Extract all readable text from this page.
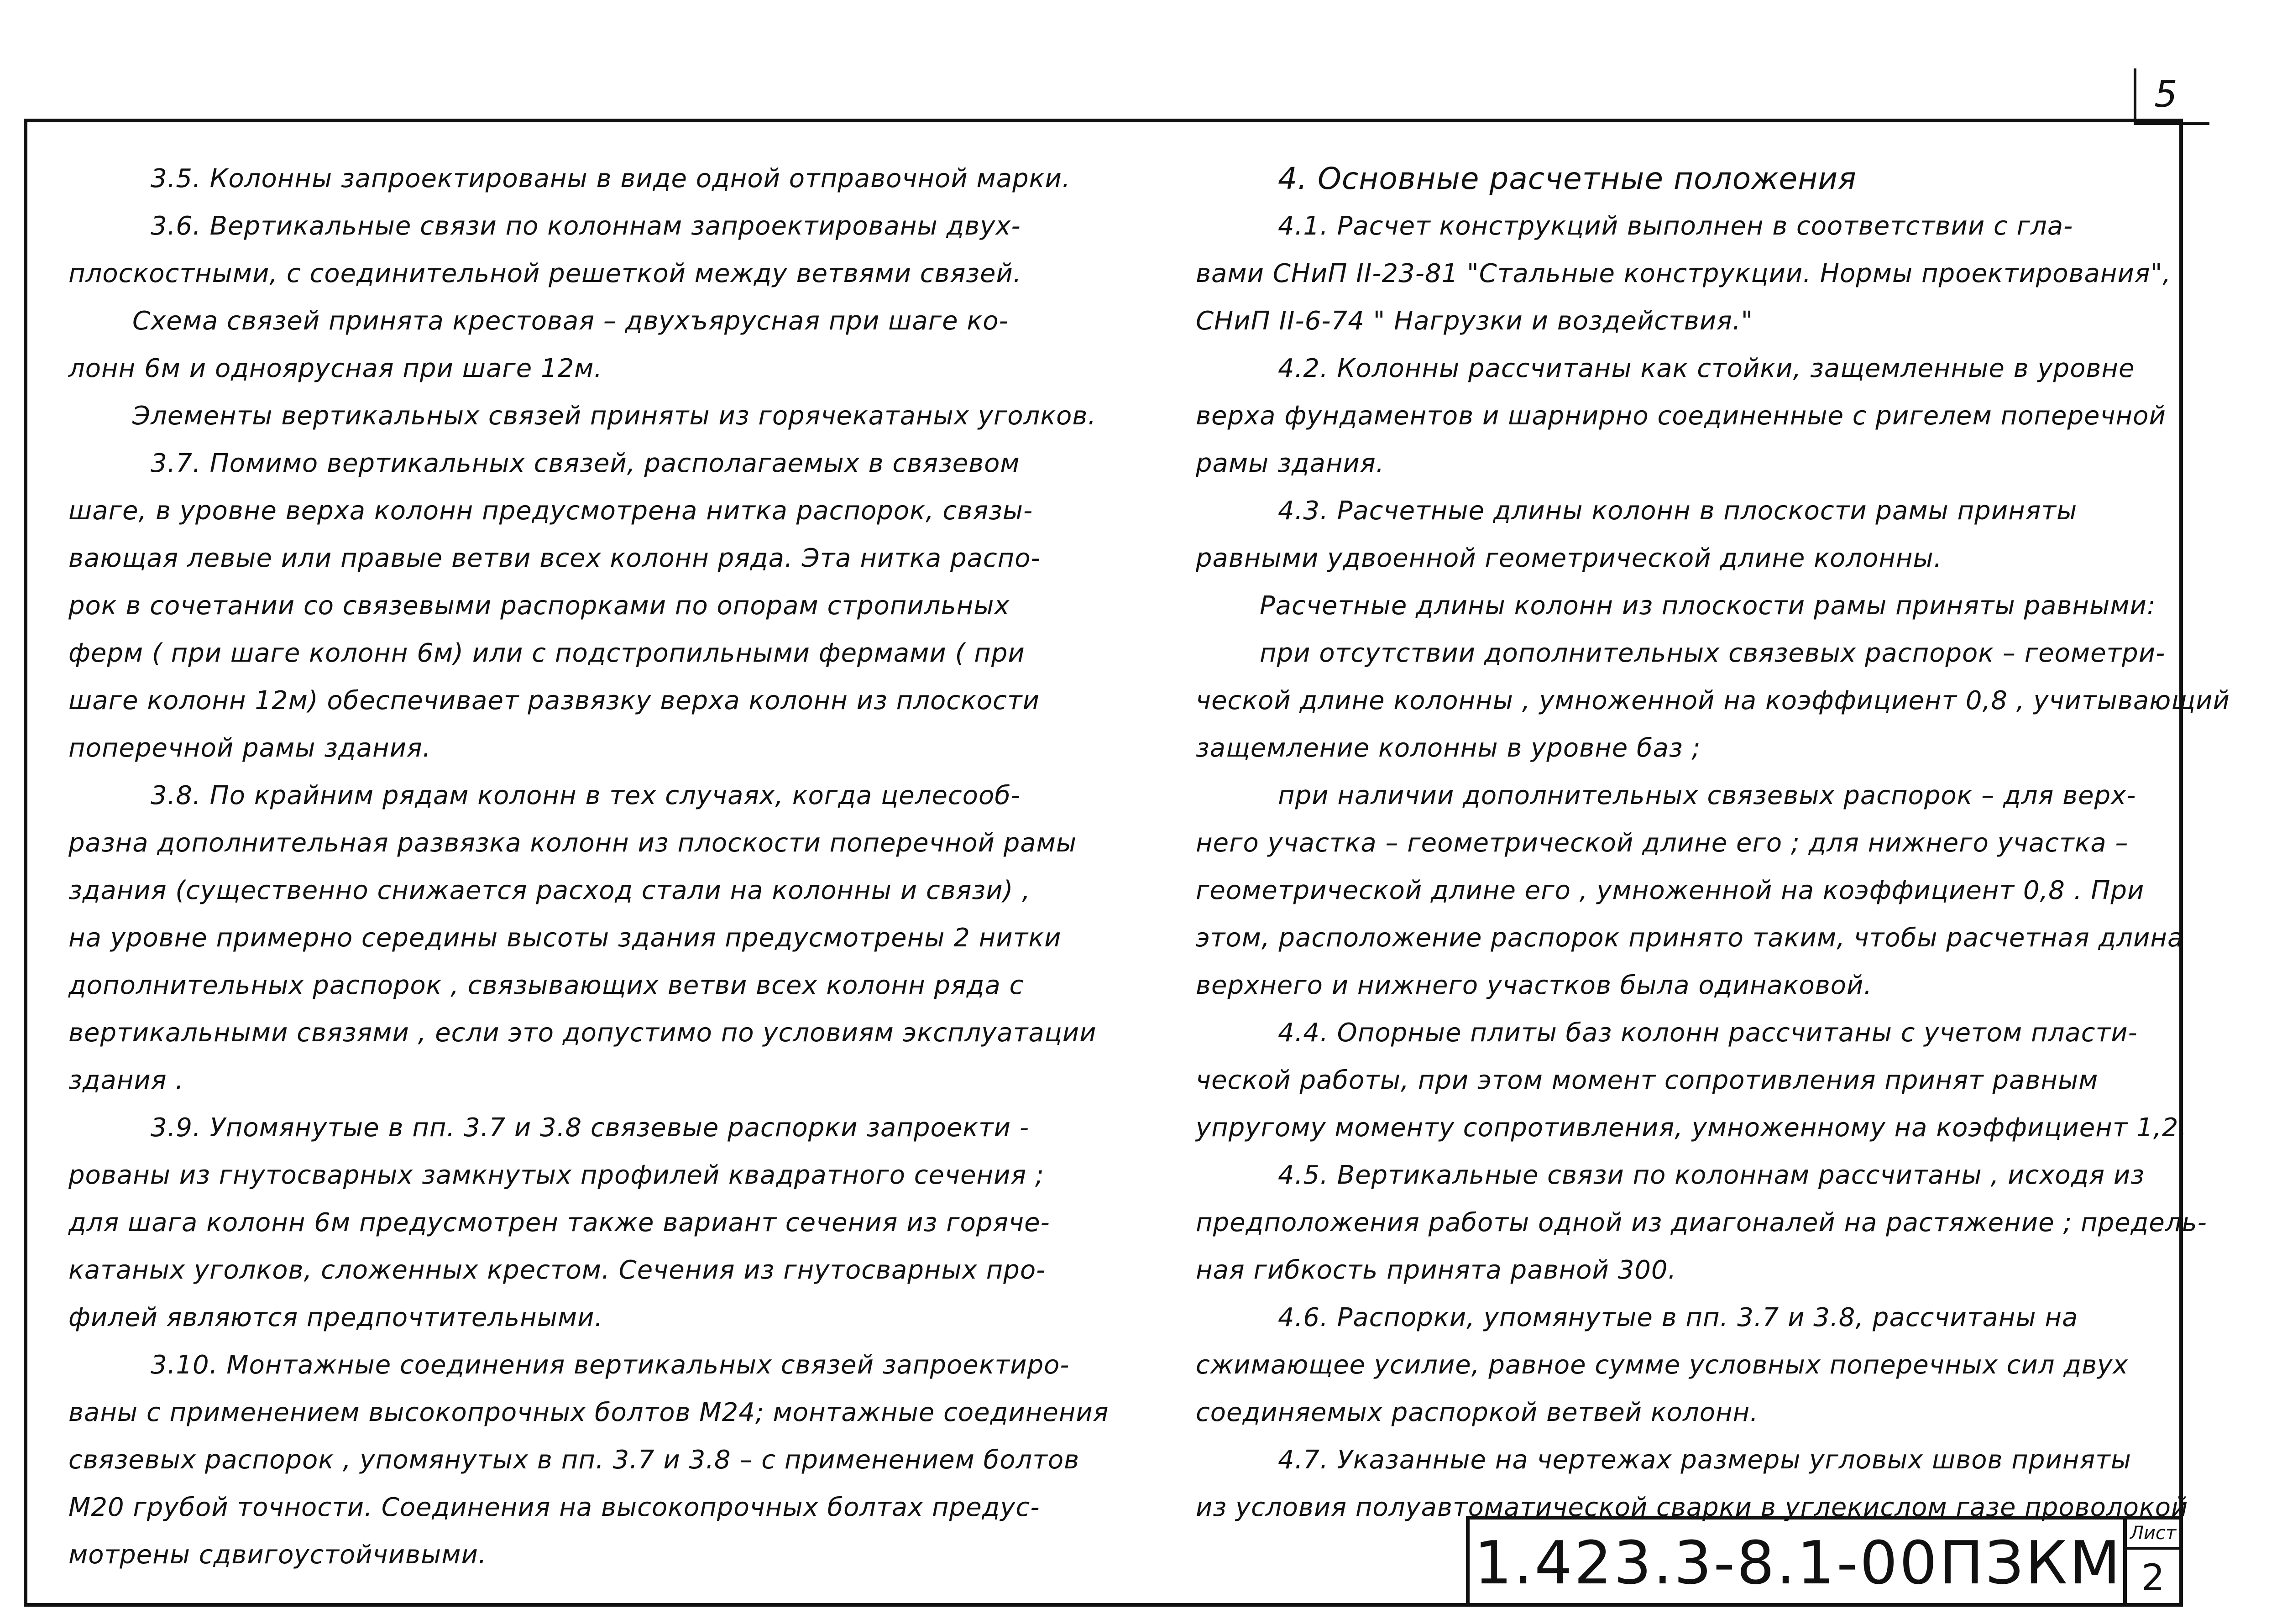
5

3.5. Колонны запроектированы в виде одной отправочной марки.

3.6. Вертикальные связи по колоннам запроектированы двух-

плоскостными, с соединительной решеткой между ветвями связей.

Схема связей принята крестовая – двухъярусная при шаге ко-

лонн 6м и одноярусная при шаге 12м.

Элементы вертикальных связей приняты из горячекатаных уголков.

3.7. Помимо вертикальных связей, располагаемых в связевом

шаге, в уровне верха колонн предусмотрена нитка распорок, связы-

вающая левые или правые ветви всех колонн ряда. Эта нитка распо-

рок в сочетании со связевыми распорками по опорам стропильных

ферм ( при шаге колонн 6м) или с подстропильными фермами ( при

шаге колонн 12м) обеспечивает развязку верха колонн из плоскости

поперечной рамы здания.

3.8. По крайним рядам колонн в тех случаях, когда целесооб-

разна дополнительная развязка колонн из плоскости поперечной рамы

здания (существенно снижается расход стали на колонны и связи) ,

на уровне примерно середины высоты здания предусмотрены 2 нитки

дополнительных распорок , связывающих ветви всех колонн ряда с

вертикальными связями , если это допустимо по условиям эксплуатации

здания .

3.9. Упомянутые в пп. 3.7 и 3.8 связевые распорки запроекти -

рованы из гнутосварных замкнутых профилей квадратного сечения ;

для шага колонн 6м предусмотрен также вариант сечения из горяче-

катаных уголков, сложенных крестом. Сечения из гнутосварных про-

филей являются предпочтительными.

3.10. Монтажные соединения вертикальных связей запроектиро-

ваны с применением высокопрочных болтов М24; монтажные соединения

связевых распорок , упомянутых в пп. 3.7 и 3.8 – с применением болтов

М20 грубой точности. Соединения на высокопрочных болтах предус-

мотрены сдвигоустойчивыми.

4. Основные расчетные положения

4.1. Расчет конструкций выполнен в соответствии с гла-

вами СНиП II-23-81 "Стальные конструкции. Нормы проектирования",

СНиП II-6-74 " Нагрузки и воздействия."

4.2. Колонны рассчитаны как стойки, защемленные в уровне

верха фундаментов и шарнирно соединенные с ригелем поперечной

рамы здания.

4.3. Расчетные длины колонн в плоскости рамы приняты

равными удвоенной геометрической длине колонны.

Расчетные длины колонн из плоскости рамы приняты равными:

при отсутствии дополнительных связевых распорок – геометри-

ческой длине колонны , умноженной на коэффициент 0,8 , учитывающий

защемление колонны в уровне баз ;

при наличии дополнительных связевых распорок – для верх-

него участка – геометрической длине его ; для нижнего участка –

геометрической длине его , умноженной на коэффициент 0,8 . При

этом, расположение распорок принято таким, чтобы расчетная длина

верхнего и нижнего участков была одинаковой.

4.4. Опорные плиты баз колонн рассчитаны с учетом пласти-

ческой работы, при этом момент сопротивления принят равным

упругому моменту сопротивления, умноженному на коэффициент 1,2.

4.5. Вертикальные связи по колоннам рассчитаны , исходя из

предположения работы одной из диагоналей на растяжение ; предель-

ная гибкость принята равной 300.

4.6. Распорки, упомянутые в пп. 3.7 и 3.8, рассчитаны на

сжимающее усилие, равное сумме условных поперечных сил двух

соединяемых распоркой ветвей колонн.

4.7. Указанные на чертежах размеры угловых швов приняты

из условия полуавтоматической сварки в углекислом газе проволокой

1.423.3-8.1-00ПЗКМ Лист
2
